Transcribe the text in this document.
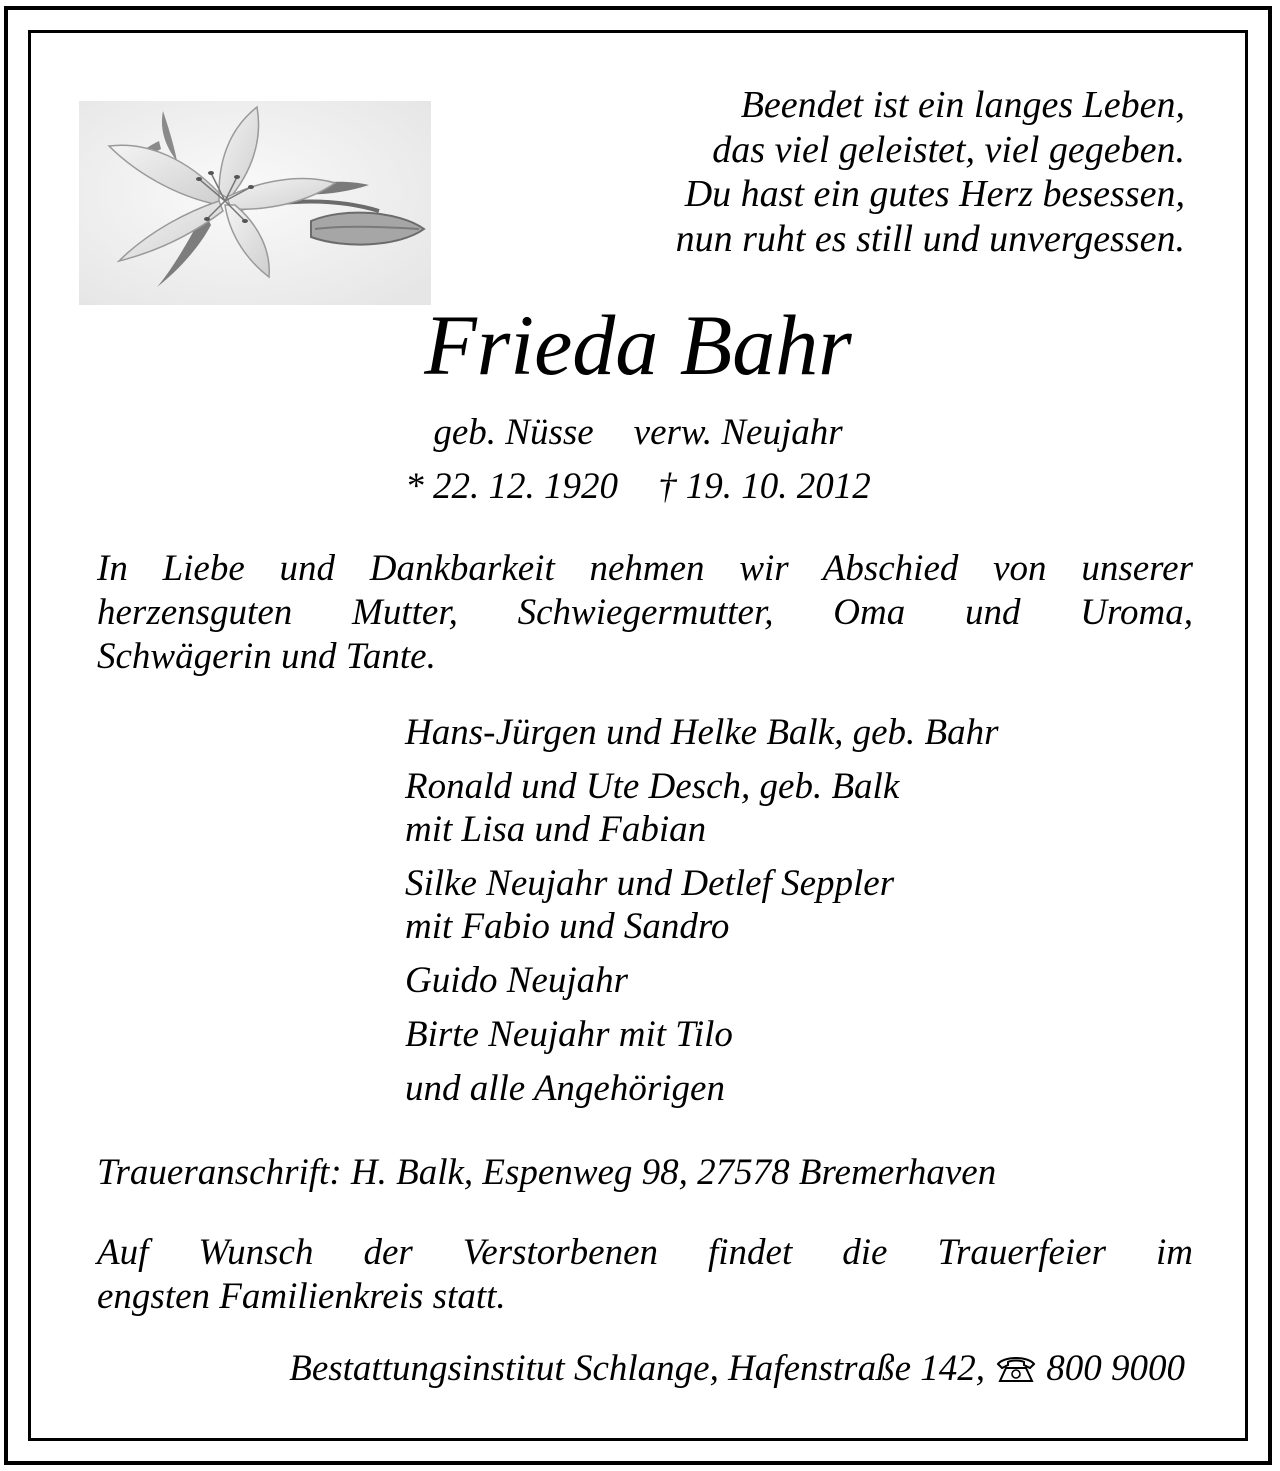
Beendet ist ein langes Leben,
das viel geleistet, viel gegeben.
Du hast ein gutes Herz besessen,
nun ruht es still und unvergessen.
Frieda Bahr
geb. Nüsse verw. Neujahr
* 22. 12. 1920 † 19. 10. 2012
In Liebe und Dankbarkeit nehmen wir Abschied von unserer
herzensguten Mutter, Schwiegermutter, Oma und Uroma,
Schwägerin und Tante.

Hans-Jürgen und Helke Balk, geb. Bahr

Ronald und Ute Desch, geb. Balk
mit Lisa und Fabian

Silke Neujahr und Detlef Seppler
mit Fabio und Sandro

Guido Neujahr

Birte Neujahr mit Tilo

und alle Angehörigen

Traueranschrift: H. Balk, Espenweg 98, 27578 Bremerhaven
Auf Wunsch der Verstorbenen findet die Trauerfeier im
engsten Familienkreis statt.
Bestattungsinstitut Schlange, Hafenstraße 142, 800 9000
